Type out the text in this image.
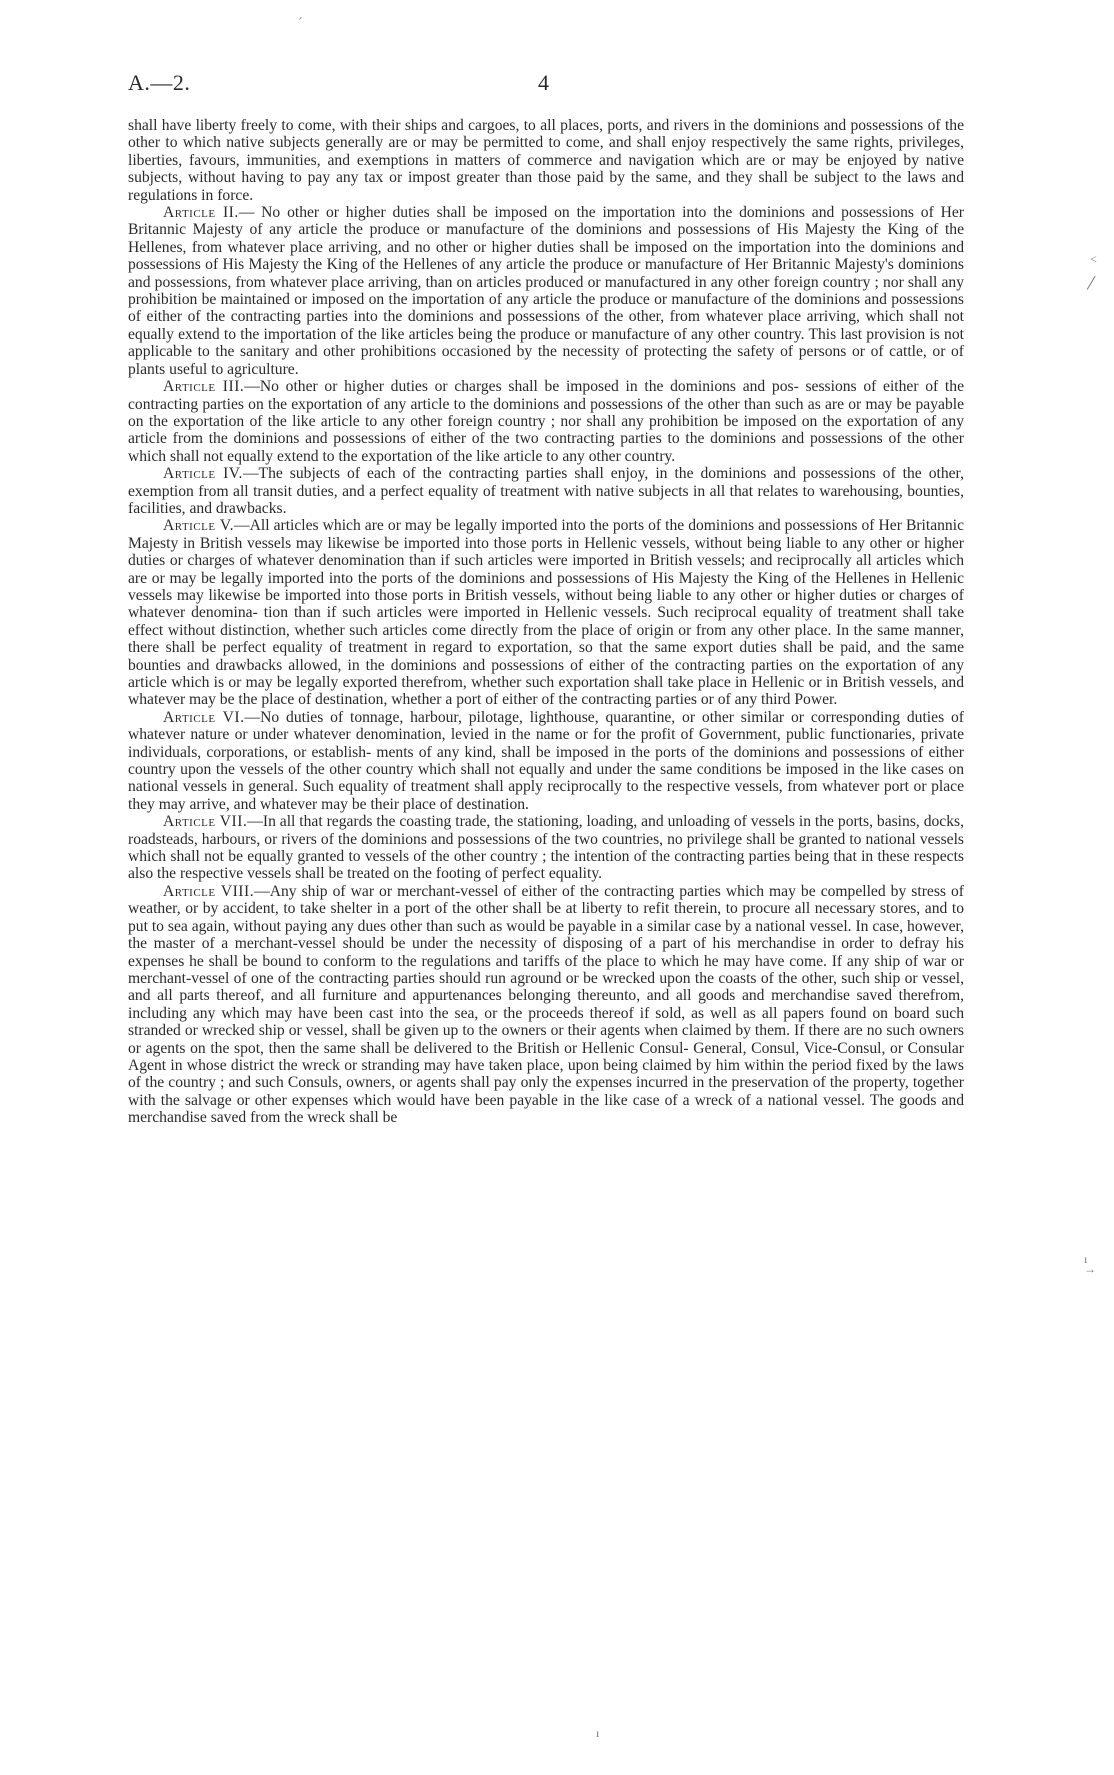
´
<
/
ı
→
ı
A.—2.	4

shall have liberty freely to come, with their ships and cargoes, to all places, ports, and rivers in the dominions and possessions of the other to which native subjects generally are or may be permitted to come, and shall enjoy respectively the same rights, privileges, liberties, favours, immunities, and exemptions in matters of commerce and navigation which are or may be enjoyed by native subjects, without having to pay any tax or impost greater than those paid by the same, and they shall be subject to the laws and regulations in force.

Article II.— No other or higher duties shall be imposed on the importation into the dominions and possessions of Her Britannic Majesty of any article the produce or manufacture of the dominions and possessions of His Majesty the King of the Hellenes, from whatever place arriving, and no other or higher duties shall be imposed on the importation into the dominions and possessions of His Majesty the King of the Hellenes of any article the produce or manufacture of Her Britannic Majesty's dominions and possessions, from whatever place arriving, than on articles produced or manufactured in any other foreign country ; nor shall any prohibition be maintained or imposed on the importation of any article the produce or manufacture of the dominions and possessions of either of the contracting parties into the dominions and possessions of the other, from whatever place arriving, which shall not equally extend to the importation of the like articles being the produce or manufacture of any other country. This last provision is not applicable to the sanitary and other prohibitions occasioned by the necessity of protecting the safety of persons or of cattle, or of plants useful to agriculture.

Article III.—No other or higher duties or charges shall be imposed in the dominions and pos- sessions of either of the contracting parties on the exportation of any article to the dominions and possessions of the other than such as are or may be payable on the exportation of the like article to any other foreign country ; nor shall any prohibition be imposed on the exportation of any article from the dominions and possessions of either of the two contracting parties to the dominions and possessions of the other which shall not equally extend to the exportation of the like article to any other country.

Article IV.—The subjects of each of the contracting parties shall enjoy, in the dominions and possessions of the other, exemption from all transit duties, and a perfect equality of treatment with native subjects in all that relates to warehousing, bounties, facilities, and drawbacks.

Article V.—All articles which are or may be legally imported into the ports of the dominions and possessions of Her Britannic Majesty in British vessels may likewise be imported into those ports in Hellenic vessels, without being liable to any other or higher duties or charges of whatever denomination than if such articles were imported in British vessels; and reciprocally all articles which are or may be legally imported into the ports of the dominions and possessions of His Majesty the King of the Hellenes in Hellenic vessels may likewise be imported into those ports in British vessels, without being liable to any other or higher duties or charges of whatever denomina- tion than if such articles were imported in Hellenic vessels. Such reciprocal equality of treatment shall take effect without distinction, whether such articles come directly from the place of origin or from any other place. In the same manner, there shall be perfect equality of treatment in regard to exportation, so that the same export duties shall be paid, and the same bounties and drawbacks allowed, in the dominions and possessions of either of the contracting parties on the exportation of any article which is or may be legally exported therefrom, whether such exportation shall take place in Hellenic or in British vessels, and whatever may be the place of destination, whether a port of either of the contracting parties or of any third Power.

Article VI.—No duties of tonnage, harbour, pilotage, lighthouse, quarantine, or other similar or corresponding duties of whatever nature or under whatever denomination, levied in the name or for the profit of Government, public functionaries, private individuals, corporations, or establish- ments of any kind, shall be imposed in the ports of the dominions and possessions of either country upon the vessels of the other country which shall not equally and under the same conditions be imposed in the like cases on national vessels in general. Such equality of treatment shall apply reciprocally to the respective vessels, from whatever port or place they may arrive, and whatever may be their place of destination.

Article VII.—In all that regards the coasting trade, the stationing, loading, and unloading of vessels in the ports, basins, docks, roadsteads, harbours, or rivers of the dominions and possessions of the two countries, no privilege shall be granted to national vessels which shall not be equally granted to vessels of the other country ; the intention of the contracting parties being that in these respects also the respective vessels shall be treated on the footing of perfect equality.

Article VIII.—Any ship of war or merchant-vessel of either of the contracting parties which may be compelled by stress of weather, or by accident, to take shelter in a port of the other shall be at liberty to refit therein, to procure all necessary stores, and to put to sea again, without paying any dues other than such as would be payable in a similar case by a national vessel. In case, however, the master of a merchant-vessel should be under the necessity of disposing of a part of his merchandise in order to defray his expenses he shall be bound to conform to the regulations and tariffs of the place to which he may have come. If any ship of war or merchant-vessel of one of the contracting parties should run aground or be wrecked upon the coasts of the other, such ship or vessel, and all parts thereof, and all furniture and appurtenances belonging thereunto, and all goods and merchandise saved therefrom, including any which may have been cast into the sea, or the proceeds thereof if sold, as well as all papers found on board such stranded or wrecked ship or vessel, shall be given up to the owners or their agents when claimed by them. If there are no such owners or agents on the spot, then the same shall be delivered to the British or Hellenic Consul- General, Consul, Vice-Consul, or Consular Agent in whose district the wreck or stranding may have taken place, upon being claimed by him within the period fixed by the laws of the country ; and such Consuls, owners, or agents shall pay only the expenses incurred in the preservation of the property, together with the salvage or other expenses which would have been payable in the like case of a wreck of a national vessel. The goods and merchandise saved from the wreck shall be
